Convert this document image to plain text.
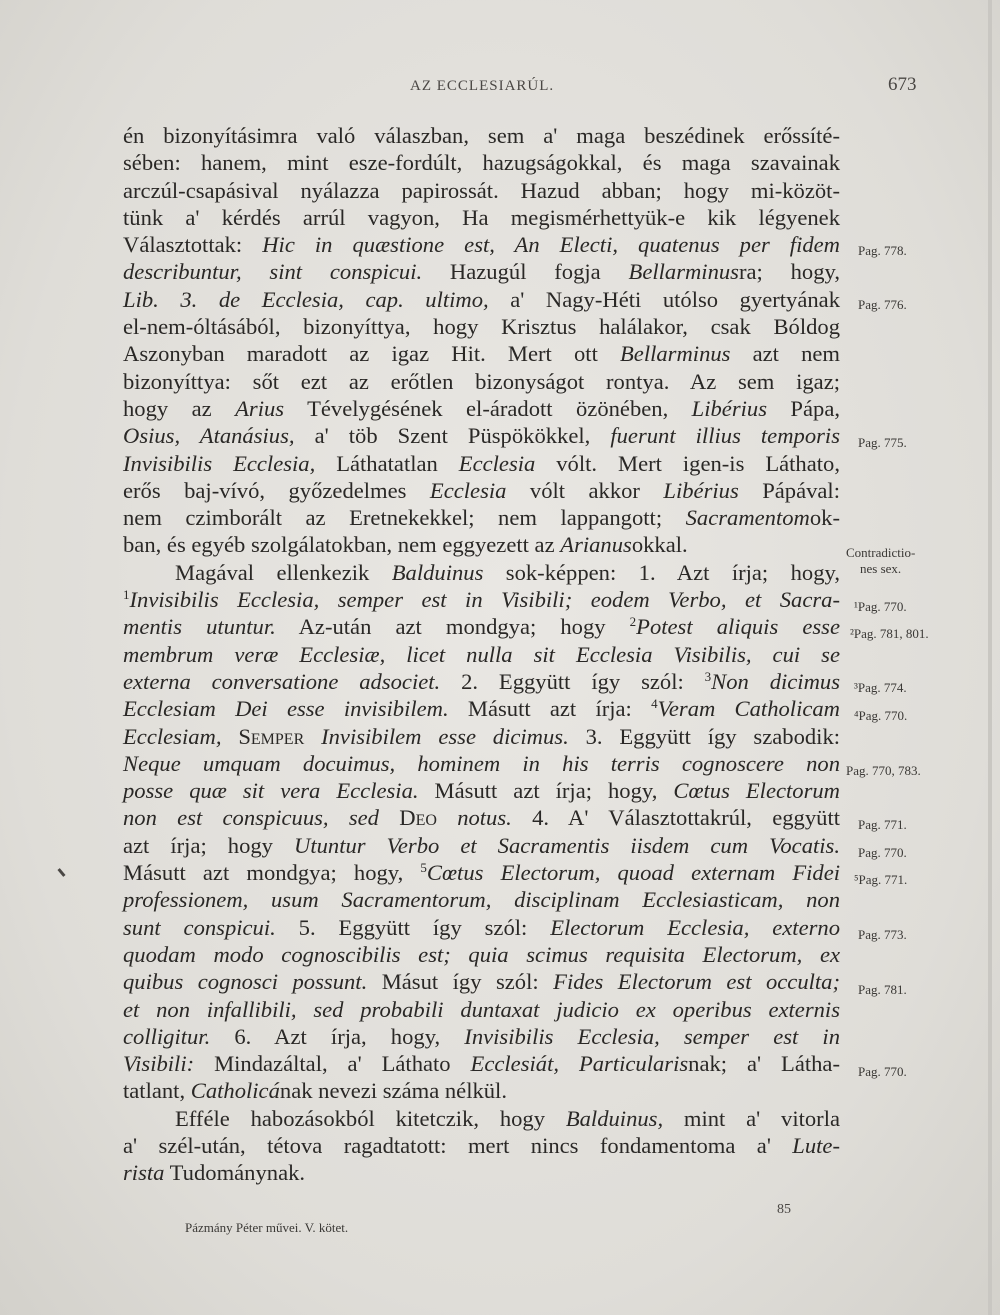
AZ ECCLESIARÚL.	673
én bizonyításimra való válaszban, sem a' maga beszédinek erőssíté-
sében: hanem, mint esze-fordúlt, hazugságokkal, és maga szavainak
arczúl-csapásival nyálazza papirossát. Hazud abban; hogy mi-közöt-
tünk a' kérdés arrúl vagyon, Ha megismérhettyük-e kik légyenek
Választottak: Hic in quæstione est, An Electi, quatenus per fidem
describuntur, sint conspicui. Hazugúl fogja Bellarminusra; hogy,
Lib. 3. de Ecclesia, cap. ultimo, a' Nagy-Héti utólso gyertyának
el-nem-óltásából, bizonyíttya, hogy Krisztus halálakor, csak Bóldog
Aszonyban maradott az igaz Hit. Mert ott Bellarminus azt nem
bizonyíttya: sőt ezt az erőtlen bizonyságot rontya. Az sem igaz;
hogy az Arius Tévelygésének el-áradott özönében, Libérius Pápa,
Osius, Atanásius, a' töb Szent Püspökökkel, fuerunt illius temporis
Invisibilis Ecclesia, Láthatatlan Ecclesia vólt. Mert igen-is Láthato,
erős baj-vívó, győzedelmes Ecclesia vólt akkor Libérius Pápával:
nem czimborált az Eretnekekkel; nem lappangott; Sacramentomok-
ban, és egyéb szolgálatokban, nem eggyezett az Arianusokkal.
Magával ellenkezik Balduinus sok-képpen: 1. Azt írja; hogy,
$^1$Invisibilis Ecclesia, semper est in Visibili; eodem Verbo, et Sacra-
mentis utuntur. Az-után azt mondgya; hogy $^2$Potest aliquis esse
membrum veræ Ecclesiæ, licet nulla sit Ecclesia Visibilis, cui se
externa conversatione adsociet. 2. Eggyütt így szól: $^3$Non dicimus
Ecclesiam Dei esse invisibilem. Másutt azt írja: $^4$Veram Catholicam
Ecclesiam, Semper Invisibilem esse dicimus. 3. Eggyütt így szabodik:
Neque umquam docuimus, hominem in his terris cognoscere non
posse quæ sit vera Ecclesia. Másutt azt írja; hogy, Cœtus Electorum
non est conspicuus, sed Deo notus. 4. A' Választottakrúl, eggyütt
azt írja; hogy Utuntur Verbo et Sacramentis iisdem cum Vocatis.
Másutt azt mondgya; hogy, $^5$Cœtus Electorum, quoad externam Fidei
professionem, usum Sacramentorum, disciplinam Ecclesiasticam, non
sunt conspicui. 5. Eggyütt így szól: Electorum Ecclesia, externo
quodam modo cognoscibilis est; quia scimus requisita Electorum, ex
quibus cognosci possunt. Másut így szól: Fides Electorum est occulta;
et non infallibili, sed probabili duntaxat judicio ex operibus externis
colligitur. 6. Azt írja, hogy, Invisibilis Ecclesia, semper est in
Visibili: Mindazáltal, a' Láthato Ecclesiát, Particularisnak; a' Látha-
tatlant, Catholicának nevezi száma nélkül.
Efféle habozásokból kitetczik, hogy Balduinus, mint a' vitorla
a' szél-után, tétova ragadtatott: mert nincs fondamentoma a' Lute-
rista Tudománynak.
Pag. 778.
Pag. 776.
Pag. 775.
Contradictio-
nes sex.
¹Pag. 770.
²Pag. 781, 801.
³Pag. 774.
⁴Pag. 770.
Pag. 770, 783.
Pag. 771.
Pag. 770.
⁵Pag. 771.
Pag. 773.
Pag. 781.
Pag. 770.
Pázmány Péter művei. V. kötet.
85
